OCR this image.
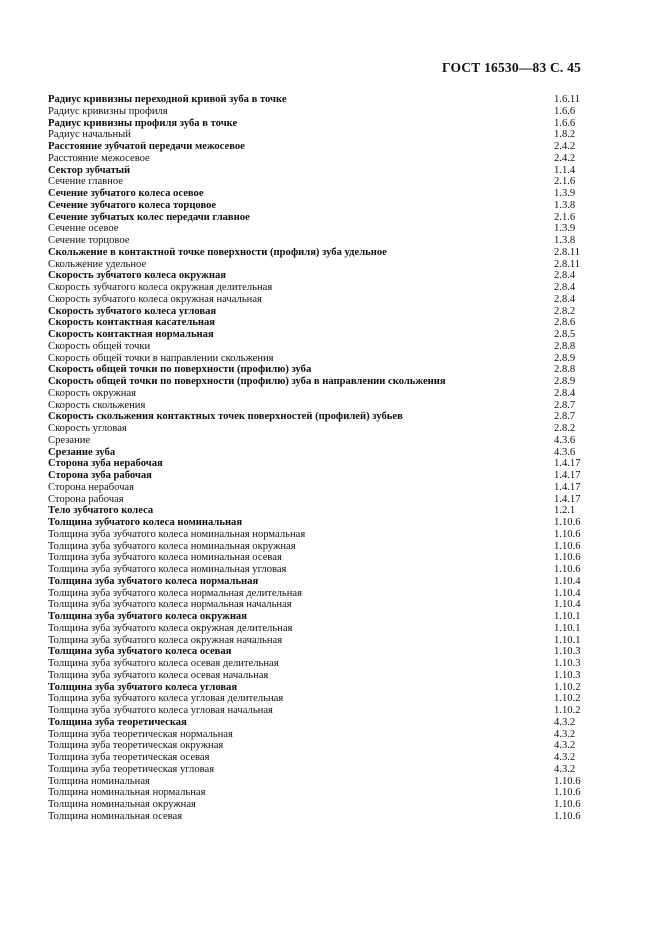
ГОСТ 16530—83 С. 45
Радиус кривизны переходной кривой зуба в точке	1.6.11
Радиус кривизны профиля	1.6.6
Радиус кривизны профиля зуба в точке	1.6.6
Радиус начальный	1.8.2
Расстояние зубчатой передачи межосевое	2.4.2
Расстояние межосевое	2.4.2
Сектор зубчатый	1.1.4
Сечение главное	2.1.6
Сечение зубчатого колеса осевое	1.3.9
Сечение зубчатого колеса торцовое	1.3.8
Сечение зубчатых колес передачи главное	2.1.6
Сечение осевое	1.3.9
Сечение торцовое	1.3.8
Скольжение в контактной точке поверхности (профиля) зуба удельное	2.8.11
Скольжение удельное	2.8.11
Скорость зубчатого колеса окружная	2.8.4
Скорость зубчатого колеса окружная делительная	2.8.4
Скорость зубчатого колеса окружная начальная	2.8.4
Скорость зубчатого колеса угловая	2.8.2
Скорость контактная касательная	2.8.6
Скорость контактная нормальная	2.8.5
Скорость общей точки	2.8.8
Скорость общей точки в направлении скольжения	2.8.9
Скорость общей точки по поверхности (профилю) зуба	2.8.8
Скорость общей точки по поверхности (профилю) зуба в направлении скольжения	2.8.9
Скорость окружная	2.8.4
Скорость скольжения	2.8.7
Скорость скольжения контактных точек поверхностей (профилей) зубьев	2.8.7
Скорость угловая	2.8.2
Срезание	4.3.6
Срезание зуба	4.3.6
Сторона зуба нерабочая	1.4.17
Сторона зуба рабочая	1.4.17
Сторона нерабочая	1.4.17
Сторона рабочая	1.4.17
Тело зубчатого колеса	1.2.1
Толщина зубчатого колеса номинальная	1.10.6
Толщина зуба зубчатого колеса номинальная нормальная	1.10.6
Толщина зуба зубчатого колеса номинальная окружная	1.10.6
Толщина зуба зубчатого колеса номинальная осевая	1.10.6
Толщина зуба зубчатого колеса номинальная угловая	1.10.6
Толщина зуба зубчатого колеса нормальная	1.10.4
Толщина зуба зубчатого колеса нормальная делительная	1.10.4
Толщина зуба зубчатого колеса нормальная начальная	1.10.4
Толщина зуба зубчатого колеса окружная	1.10.1
Толщина зуба зубчатого колеса окружная делительная	1.10.1
Толщина зуба зубчатого колеса окружная начальная	1.10.1
Толщина зуба зубчатого колеса осевая	1.10.3
Толщина зуба зубчатого колеса осевая делительная	1.10.3
Толщина зуба зубчатого колеса осевая начальная	1.10.3
Толщина зуба зубчатого колеса угловая	1.10.2
Толщина зуба зубчатого колеса угловая делительная	1.10.2
Толщина зуба зубчатого колеса угловая начальная	1.10.2
Толщина зуба теоретическая	4.3.2
Толщина зуба теоретическая нормальная	4.3.2
Толщина зуба теоретическая окружная	4.3.2
Толщина зуба теоретическая осевая	4.3.2
Толщина зуба теоретическая угловая	4.3.2
Толщина номинальная	1.10.6
Толщина номинальная нормальная	1.10.6
Толщина номинальная окружная	1.10.6
Толщина номинальная осевая	1.10.6
